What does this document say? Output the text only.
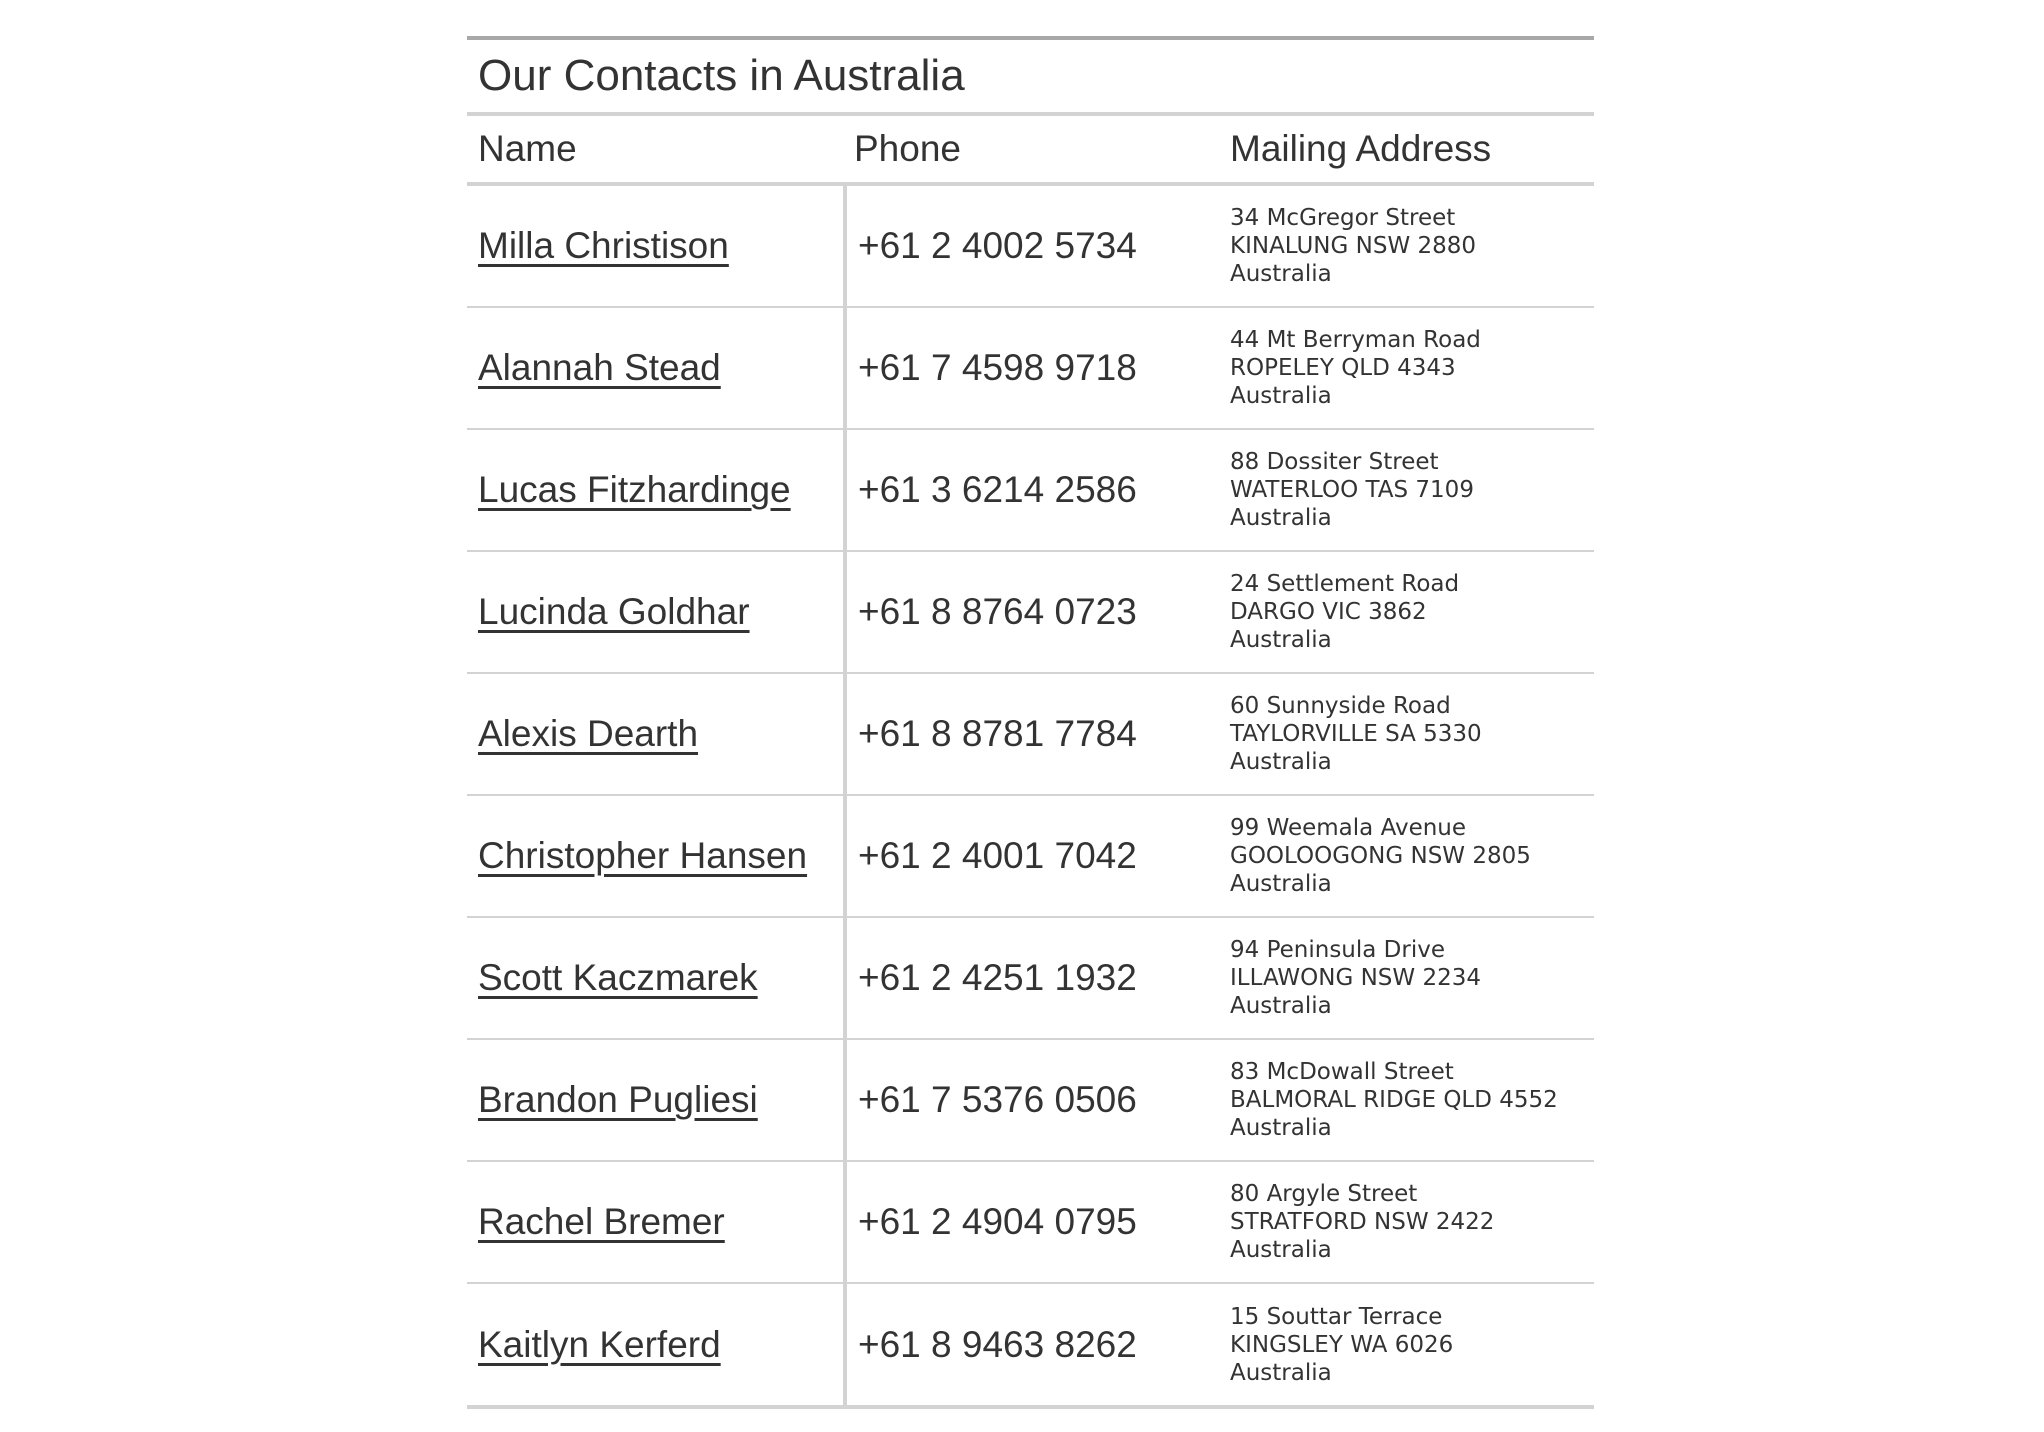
Our Contacts in Australia
Name	Phone	Mailing Address
Milla Christison	+61 2 4002 5734
34 McGregor Street
KINALUNG NSW 2880
Australia
Alannah Stead	+61 7 4598 9718
44 Mt Berryman Road
ROPELEY QLD 4343
Australia
Lucas Fitzhardinge +61 3 6214 2586
88 Dossiter Street
WATERLOO TAS 7109
Australia
Lucinda Goldhar	+61 8 8764 0723
24 Settlement Road
DARGO VIC 3862
Australia
Alexis Dearth	+61 8 8781 7784
60 Sunnyside Road
TAYLORVILLE SA 5330
Australia
Christopher Hansen +61 2 4001 7042
99 Weemala Avenue
GOOLOOGONG NSW 2805
Australia
Scott Kaczmarek	+61 2 4251 1932
94 Peninsula Drive
ILLAWONG NSW 2234
Australia
Brandon Pugliesi	+61 7 5376 0506
83 McDowall Street
BALMORAL RIDGE QLD 4552
Australia
Rachel Bremer	+61 2 4904 0795
80 Argyle Street
STRATFORD NSW 2422
Australia
Kaitlyn Kerferd	+61 8 9463 8262
15 Souttar Terrace
KINGSLEY WA 6026
Australia
